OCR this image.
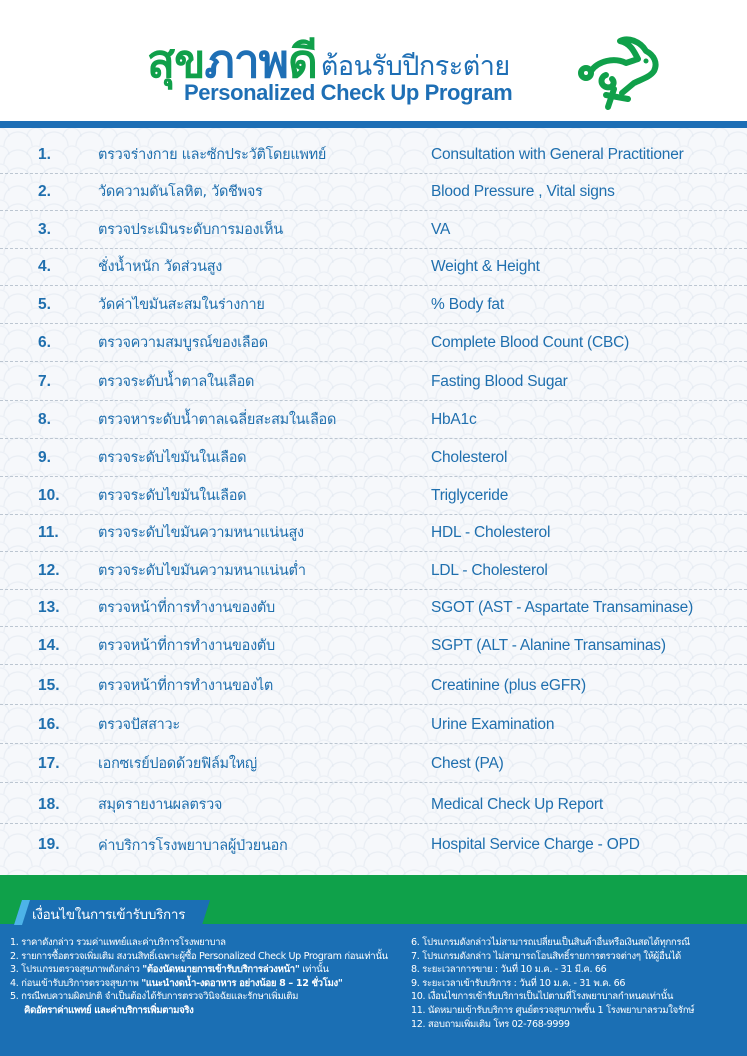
สุขภาพดี ต้อนรับปีกระต่าย
Personalized Check Up Program
1.	ตรวจร่างกาย และซักประวัติโดยแพทย์	Consultation with General Practitioner
2.	วัดความดันโลหิต, วัดชีพจร	Blood Pressure , Vital signs
3.	ตรวจประเมินระดับการมองเห็น	VA
4.	ชั่งน้ำหนัก วัดส่วนสูง	Weight & Height
5.	วัดค่าไขมันสะสมในร่างกาย	% Body fat
6.	ตรวจความสมบูรณ์ของเลือด	Complete Blood Count (CBC)
7.	ตรวจระดับน้ำตาลในเลือด	Fasting Blood Sugar
8.	ตรวจหาระดับน้ำตาลเฉลี่ยสะสมในเลือด	HbA1c
9.	ตรวจระดับไขมันในเลือด	Cholesterol
10.	ตรวจระดับไขมันในเลือด	Triglyceride
11.	ตรวจระดับไขมันความหนาแน่นสูง	HDL - Cholesterol
12.	ตรวจระดับไขมันความหนาแน่นต่ำ	LDL - Cholesterol
13.	ตรวจหน้าที่การทำงานของตับ	SGOT (AST - Aspartate Transaminase)
14.	ตรวจหน้าที่การทำงานของตับ	SGPT (ALT - Alanine Transaminas)
15.	ตรวจหน้าที่การทำงานของไต	Creatinine (plus eGFR)
16.	ตรวจปัสสาวะ	Urine Examination
17.	เอกซเรย์ปอดด้วยฟิล์มใหญ่	Chest (PA)
18.	สมุดรายงานผลตรวจ	Medical Check Up Report
19.	ค่าบริการโรงพยาบาลผู้ป่วยนอก	Hospital Service Charge - OPD
เงื่อนไขในการเข้ารับบริการ
1. ราคาดังกล่าว รวมค่าแพทย์และค่าบริการโรงพยาบาล
2. รายการซื้อตรวจเพิ่มเติม สงวนสิทธิ์เฉพาะผู้ซื้อ Personalized Check Up Program ก่อนเท่านั้น
3. โปรแกรมตรวจสุขภาพดังกล่าว "ต้องนัดหมายการเข้ารับบริการล่วงหน้า" เท่านั้น
4. ก่อนเข้ารับบริการตรวจสุขภาพ "แนะนำงดน้ำ-งดอาหาร อย่างน้อย 8 – 12 ชั่วโมง"
5. กรณีพบความผิดปกติ จำเป็นต้องได้รับการตรวจวินิจฉัยและรักษาเพิ่มเติม
คิดอัตราค่าแพทย์ และค่าบริการเพิ่มตามจริง
6. โปรแกรมดังกล่าวไม่สามารถเปลี่ยนเป็นสินค้าอื่นหรือเงินสดได้ทุกกรณี
7. โปรแกรมดังกล่าว ไม่สามารถโอนสิทธิ์รายการตรวจต่างๆ ให้ผู้อื่นได้
8. ระยะเวลาการขาย : วันที่ 10 ม.ค. - 31 มี.ค. 66
9. ระยะเวลาเข้ารับบริการ : วันที่ 10 ม.ค. - 31 พ.ค. 66
10. เงื่อนไขการเข้ารับบริการเป็นไปตามที่โรงพยาบาลกำหนดเท่านั้น
11. นัดหมายเข้ารับบริการ ศูนย์ตรวจสุขภาพชั้น 1 โรงพยาบาลรวมใจรักษ์
12. สอบถามเพิ่มเติม โทร 02-768-9999
